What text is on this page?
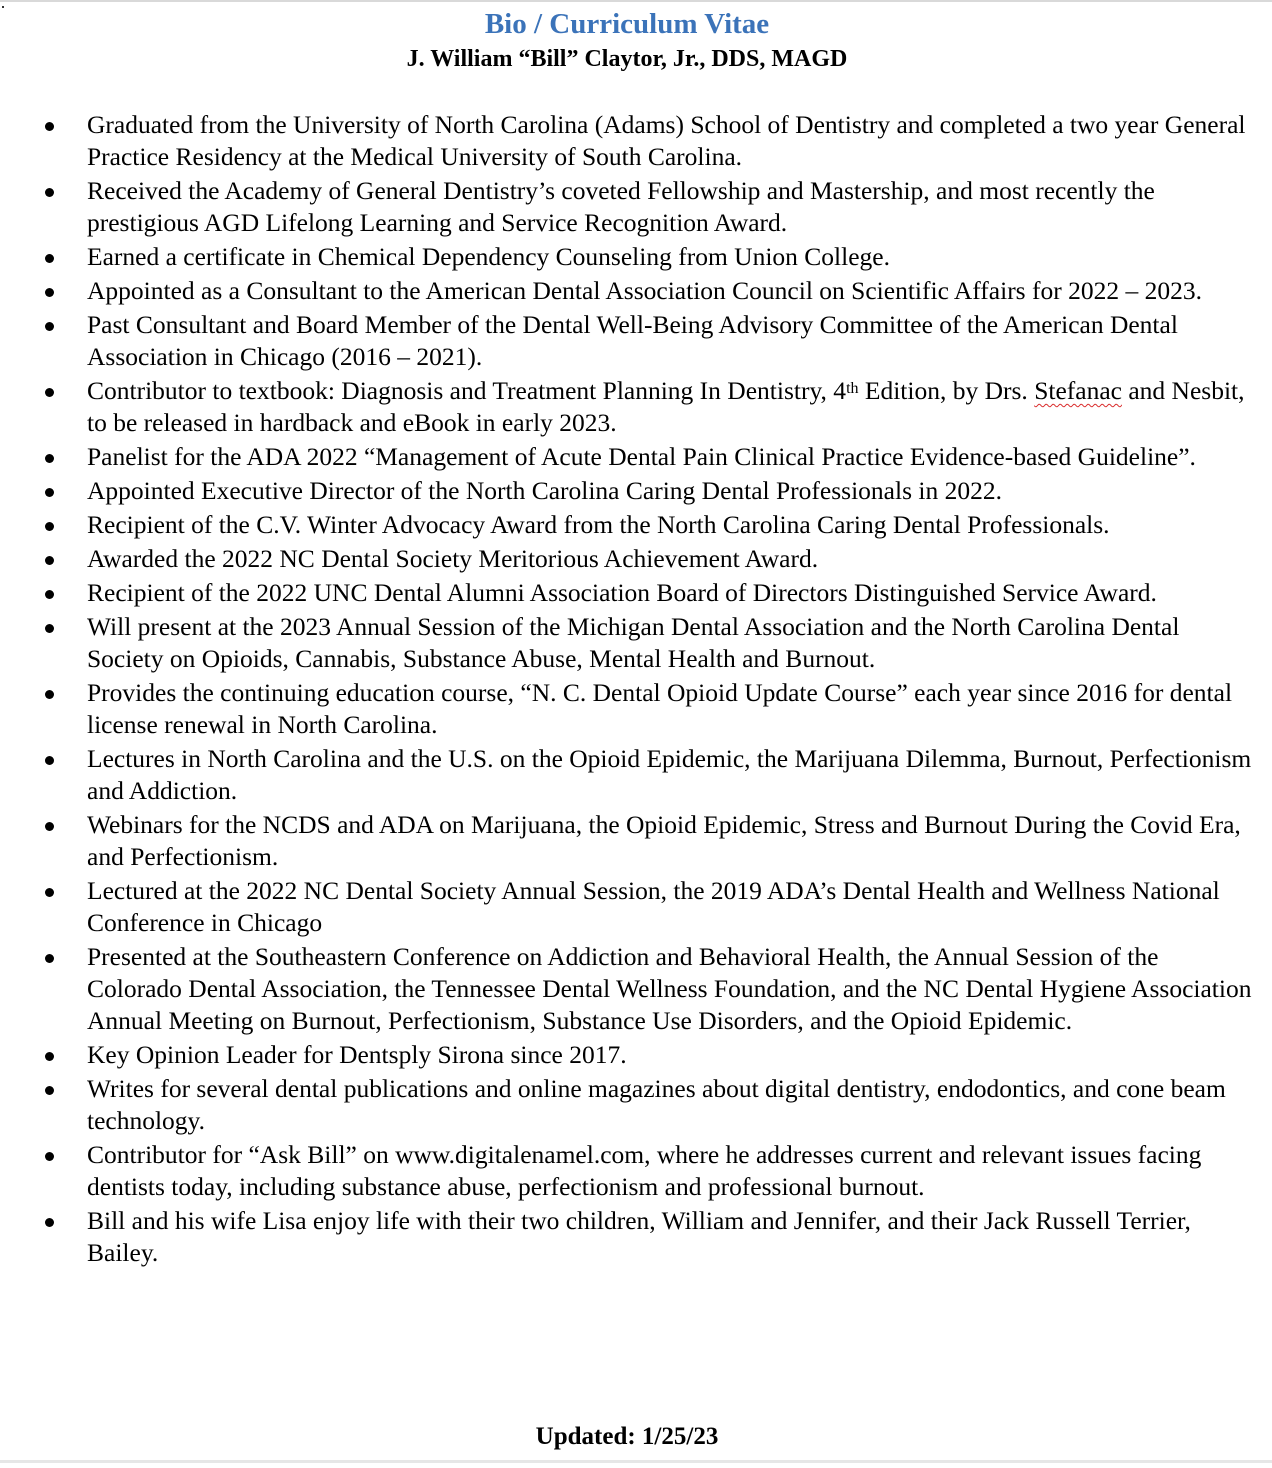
Bio / Curriculum Vitae
J. William “Bill” Claytor, Jr., DDS, MAGD
Graduated from the University of North Carolina (Adams) School of Dentistry and completed a two year General Practice Residency at the Medical University of South Carolina.
Received the Academy of General Dentistry’s coveted Fellowship and Mastership, and most recently the prestigious AGD Lifelong Learning and Service Recognition Award.
Earned a certificate in Chemical Dependency Counseling from Union College.
Appointed as a Consultant to the American Dental Association Council on Scientific Affairs for 2022 – 2023.
Past Consultant and Board Member of the Dental Well-Being Advisory Committee of the American Dental Association in Chicago (2016 – 2021).
Contributor to textbook: Diagnosis and Treatment Planning In Dentistry, 4th Edition, by Drs. Stefanac and Nesbit, to be released in hardback and eBook in early 2023.
Panelist for the ADA 2022 “Management of Acute Dental Pain Clinical Practice Evidence-based Guideline”.
Appointed Executive Director of the North Carolina Caring Dental Professionals in 2022.
Recipient of the C.V. Winter Advocacy Award from the North Carolina Caring Dental Professionals.
Awarded the 2022 NC Dental Society Meritorious Achievement Award.
Recipient of the 2022 UNC Dental Alumni Association Board of Directors Distinguished Service Award.
Will present at the 2023 Annual Session of the Michigan Dental Association and the North Carolina Dental Society on Opioids, Cannabis, Substance Abuse, Mental Health and Burnout.
Provides the continuing education course, “N. C. Dental Opioid Update Course” each year since 2016 for dental license renewal in North Carolina.
Lectures in North Carolina and the U.S. on the Opioid Epidemic, the Marijuana Dilemma, Burnout, Perfectionism and Addiction.
Webinars for the NCDS and ADA on Marijuana, the Opioid Epidemic, Stress and Burnout During the Covid Era, and Perfectionism.
Lectured at the 2022 NC Dental Society Annual Session, the 2019 ADA’s Dental Health and Wellness National Conference in Chicago
Presented at the Southeastern Conference on Addiction and Behavioral Health, the Annual Session of the Colorado Dental Association, the Tennessee Dental Wellness Foundation, and the NC Dental Hygiene Association Annual Meeting on Burnout, Perfectionism, Substance Use Disorders, and the Opioid Epidemic.
Key Opinion Leader for Dentsply Sirona since 2017.
Writes for several dental publications and online magazines about digital dentistry, endodontics, and cone beam technology.
Contributor for “Ask Bill” on www.digitalenamel.com, where he addresses current and relevant issues facing dentists today, including substance abuse, perfectionism and professional burnout.
Bill and his wife Lisa enjoy life with their two children, William and Jennifer, and their Jack Russell Terrier, Bailey.
Updated: 1/25/23
